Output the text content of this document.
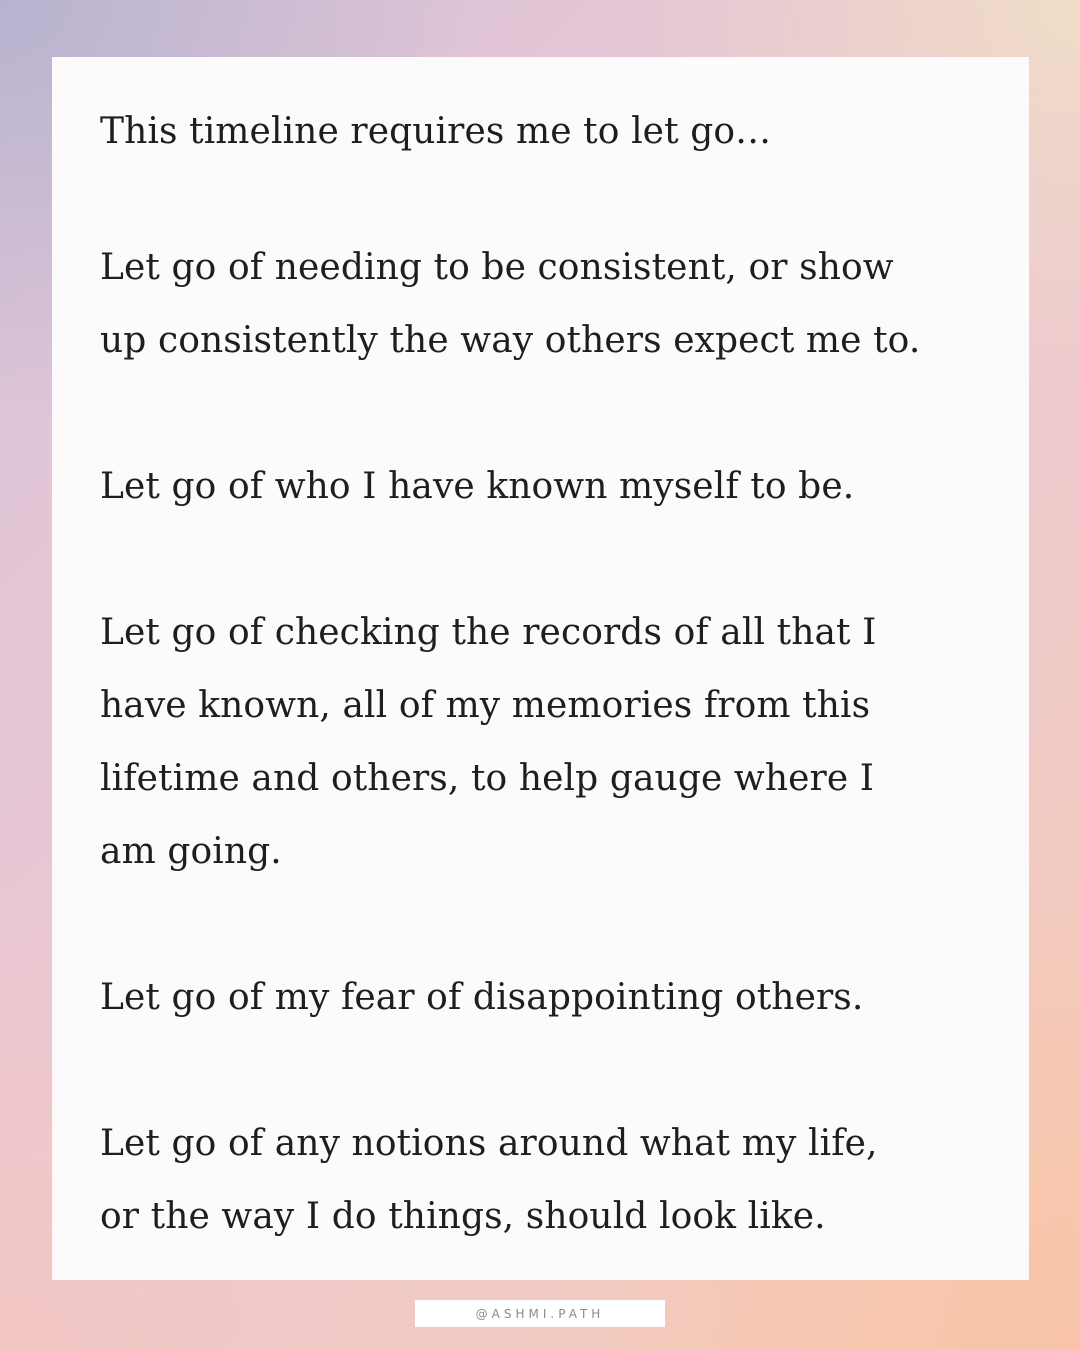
This timeline requires me to let go…
Let go of needing to be consistent, or show
up consistently the way others expect me to.
Let go of who I have known myself to be.
Let go of checking the records of all that I
have known, all of my memories from this
lifetime and others, to help gauge where I
am going.
Let go of my fear of disappointing others.
Let go of any notions around what my life,
or the way I do things, should look like.
@ASHMI.PATH
